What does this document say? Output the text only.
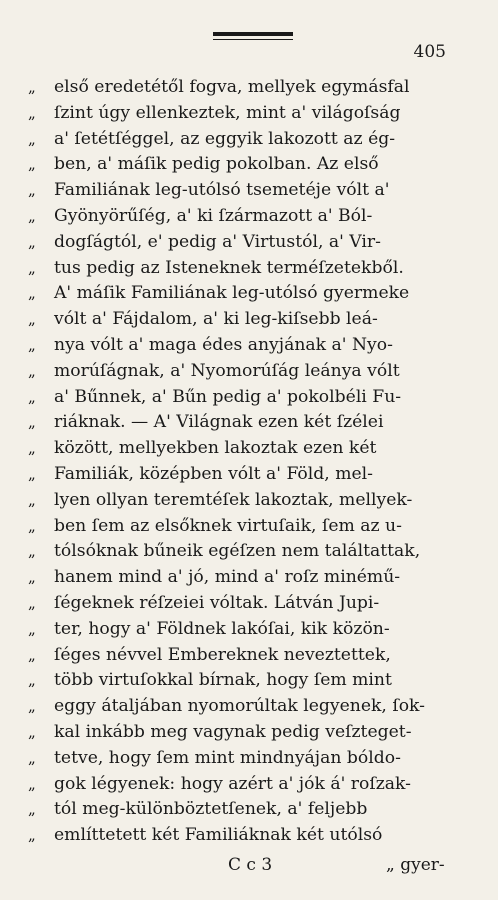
405
„ első eredetétől fogva, mellyek egymásfal
„ ſzint úgy ellenkeztek, mint a' világoſság
„ a' ſetétſéggel, az eggyik lakozott az ég-
„ ben, a' máſik pedig pokolban. Az első
„ Familiának leg-utólsó tsemetéje vólt a'
„ Gyönyörűſég, a' ki ſzármazott a' Ból-
„ dogſágtól, e' pedig a' Virtustól, a' Vir-
„ tus pedig az Isteneknek terméſzetekből.
„ A' máſik Familiának leg-utólsó gyermeke
„ vólt a' Fájdalom, a' ki leg-kiſsebb leá-
„ nya vólt a' maga édes anyjának a' Nyo-
„ morúſágnak, a' Nyomorúſág leánya vólt
„ a' Bűnnek, a' Bűn pedig a' pokolbéli Fu-
„ riáknak. — A' Világnak ezen két ſzélei
„ között, mellyekben lakoztak ezen két
„ Familiák, középben vólt a' Föld, mel-
„ lyen ollyan teremtéſek lakoztak, mellyek-
„ ben ſem az elsőknek virtuſaik, ſem az u-
„ tólsóknak bűneik egéſzen nem találtattak,
„ hanem mind a' jó, mind a' roſz minémű-
„ ſégeknek réſzeiei vóltak. Látván Jupi-
„ ter, hogy a' Földnek lakóſai, kik közön-
„ ſéges névvel Embereknek neveztettek,
„ több virtuſokkal bírnak, hogy ſem mint
„ eggy átaljában nyomorúltak legyenek, ſok-
„ kal inkább meg vagynak pedig veſzteget-
„ tetve, hogy ſem mint mindnyájan bóldo-
„ gok légyenek: hogy azért a' jók á' roſzak-
„ tól meg-különböztetſenek, a' feljebb
„ említtetett két Familiáknak két utólsó
C c 3	„ gyer-
